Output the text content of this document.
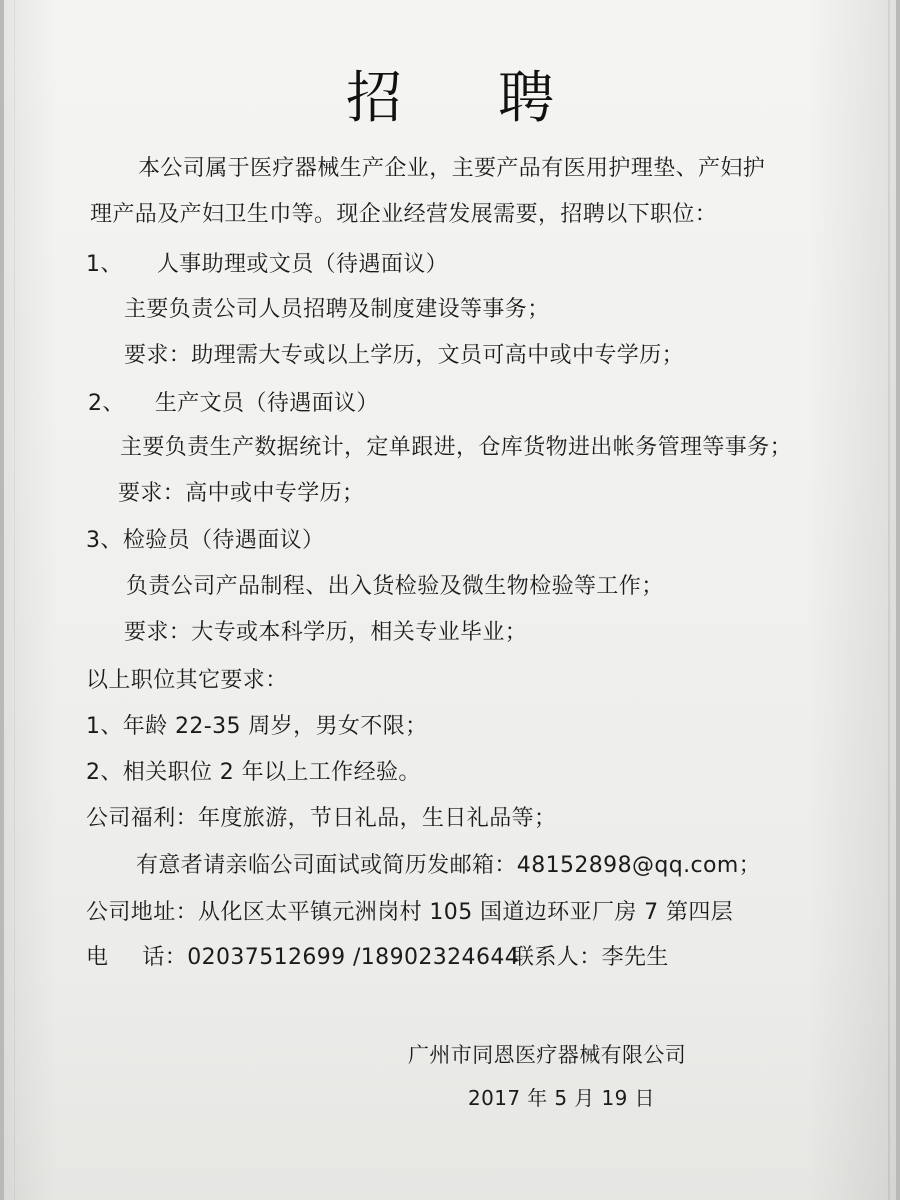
招 聘
本公司属于医疗器械生产企业，主要产品有医用护理垫、产妇护
理产品及产妇卫生巾等。现企业经营发展需要，招聘以下职位：
1、 人事助理或文员（待遇面议）
主要负责公司人员招聘及制度建设等事务；
要求：助理需大专或以上学历，文员可高中或中专学历；
2、 生产文员（待遇面议）
主要负责生产数据统计，定单跟进，仓库货物进出帐务管理等事务；
要求：高中或中专学历；
3、检验员（待遇面议）
负责公司产品制程、出入货检验及微生物检验等工作；
要求：大专或本科学历，相关专业毕业；
以上职位其它要求：
1、年龄 22-35 周岁，男女不限；
2、相关职位 2 年以上工作经验。
公司福利：年度旅游，节日礼品，生日礼品等；
有意者请亲临公司面试或简历发邮箱：48152898@qq.com；
公司地址：从化区太平镇元洲岗村 105 国道边环亚厂房 7 第四层
电 话：02037512699 /18902324644
联系人：李先生
广州市同恩医疗器械有限公司
2017 年 5 月 19 日
